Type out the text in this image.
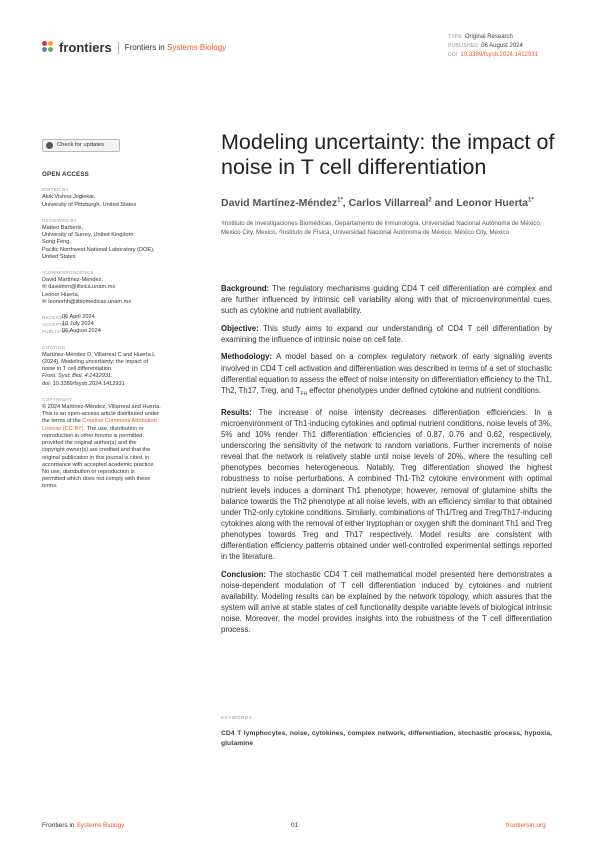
frontiers Frontiers in Systems Biology
TYPE Original Research
PUBLISHED 06 August 2024
DOI 10.3389/fsysb.2024.1412931
Check for updates
OPEN ACCESS
EDITED BY
Alok Vishnu Joglekar,
University of Pittsburgh, United States
REVIEWED BY
Matteo Barberis,
University of Surrey, United Kingdom
Song Feng,
Pacific Northwest National Laboratory (DOE),
United States
*CORRESPONDENCE
David Martínez-Méndez,
✉ davidmm@ifisica.unam.mx
Leonor Huerta,
✉ leonorhh@iibiomedicas.unam.mx
RECEIVED
06 April 2024
ACCEPTED
10 July 2024
PUBLISHED
06 August 2024
CITATION
Martínez-Méndez D, Villarreal C and Huerta L
(2024), Modeling uncertainty: the impact of
noise in T cell differentiation.
Front. Syst. Biol. 4:1412931.
doi: 10.3389/fsysb.2024.1412931
COPYRIGHT
© 2024 Martínez-Méndez, Villarreal and Huerta.
This is an open-access article distributed under
the terms of the Creative Commons Attribution
License (CC BY). The use, distribution or
reproduction in other forums is permitted,
provided the original author(s) and the
copyright owner(s) are credited and that the
original publication in this journal is cited, in
accordance with accepted academic practice.
No use, distribution or reproduction is
permitted which does not comply with these
terms.
Modeling uncertainty: the impact of noise in T cell differentiation
David Martínez-Méndez$^{1*}$, Carlos Villarreal$^2$ and Leonor Huerta$^{1*}$
¹Instituto de Investigaciones Biomédicas, Departamento de Inmunología, Universidad Nacional Autónoma de México, Mexico City, Mexico, ²Instituto de Física, Universidad Nacional Autónoma de México, Mexico City, Mexico

Background: The regulatory mechanisms guiding CD4 T cell differentiation are complex and are further influenced by intrinsic cell variability along with that of microenvironmental cues, such as cytokine and nutrient availability.

Objective: This study aims to expand our understanding of CD4 T cell differentiation by examining the influence of intrinsic noise on cell fate.

Methodology: A model based on a complex regulatory network of early signaling events involved in CD4 T cell activation and differentiation was described in terms of a set of stochastic differential equation to assess the effect of noise intensity on differentiation efficiency to the Th1, Th2, Th17, Treg, and $T_{FH}$ effector phenotypes under defined cytokine and nutrient conditions.

Results: The increase of noise intensity decreases differentiation efficiencies. In a microenvironment of Th1-inducing cytokines and optimal nutrient conditions, noise levels of 3%, 5% and 10% render Th1 differentiation efficiencies of 0.87, 0.76 and 0.62, respectively, underscoring the sensitivity of the network to random variations. Further increments of noise reveal that the network is relatively stable until noise levels of 20%, where the resulting cell phenotypes becomes heterogeneous. Notably, Treg differentiation showed the highest robustness to noise perturbations. A combined Th1-Th2 cytokine environment with optimal nutrient levels induces a dominant Th1 phenotype; however, removal of glutamine shifts the balance towards the Th2 phenotype at all noise levels, with an efficiency similar to that obtained under Th2-only cytokine conditions. Similarly, combinations of Th1/Treg and Treg/Th17-inducing cytokines along with the removal of either tryptophan or oxygen shift the dominant Th1 and Treg phenotypes towards Treg and Th17 respectively. Model results are consistent with differentiation efficiency patterns obtained under well-controlled experimental settings reported in the literature.

Conclusion: The stochastic CD4 T cell mathematical model presented here demonstrates a noise-dependent modulation of T cell differentiation induced by cytokines and nutrient availability. Modeling results can be explained by the network topology, which assures that the system will arrive at stable states of cell functionality despite variable levels of biological intrinsic noise. Moreover, the model provides insights into the robustness of the T cell differentiation process.

KEYWORDS
CD4 T lymphocytes, noise, cytokines, complex network, differentiation, stochastic process, hypoxia, glutamine
Frontiers in Systems Biology	01	frontiersin.org
